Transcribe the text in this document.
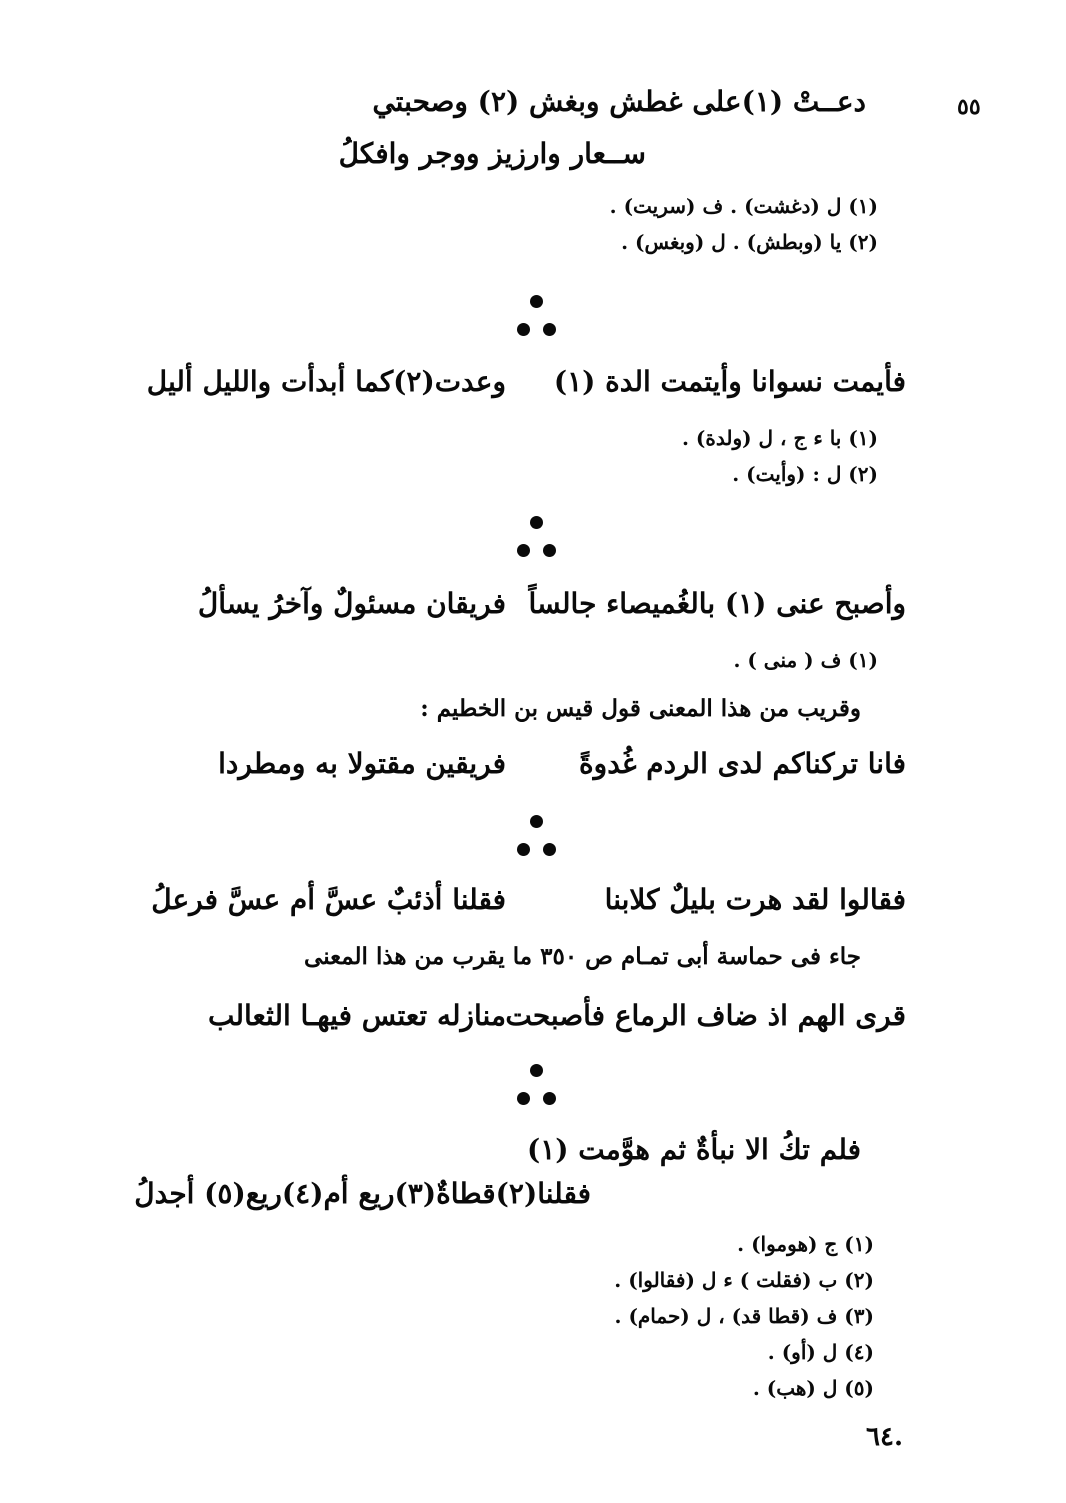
٥٥
دعــتْ (١)على غطش وبغش (٢) وصحبتي
ســعار وارزيز ووجر وافكلُ
(١) ل (دغشت) . ف (سريت) .
(٢) يا (وبطش) . ل (وبغس) .
فأيمت نسوانا وأيتمت الدة (١)
وعدت(٢)كما أبدأت والليل أليل
(١) با ء ج ، ل (ولدة) .
(٢) ل : (وأيت) .
وأصبح عنى (١) بالغُميصاء جالساً
فريقان مسئولٌ وآخرُ يسألُ
(١) ف ( منى ) .
وقريب من هذا المعنى قول قيس بن الخطيم :
فانا تركناكم لدى الردم غُدوةً
فريقين مقتولا به ومطردا
فقالوا لقد هرت بليلٌ كلابنا
فقلنا أذئبٌ عسَّ أم عسَّ فرعلُ
جاء فى حماسة أبى تمـام ص ٣٥٠ ما يقرب من هذا المعنى
قرى الهم اذ ضاف الرماع فأصبحت
منازله تعتس فيهـا الثعالب
فلم تكُ الا نبأةٌ ثم هوَّمت (١)
فقلنا(٢)قطاةٌ(٣)ريع أم(٤)ريع(٥) أجدلُ
(١) ج (هوموا) .
(٢) ب (فقلت ) ء ل (فقالوا) .
(٣) ف (قطا قد) ، ل (حمام) .
(٤) ل (أو) .
(٥) ل (هب) .
٦٤.
